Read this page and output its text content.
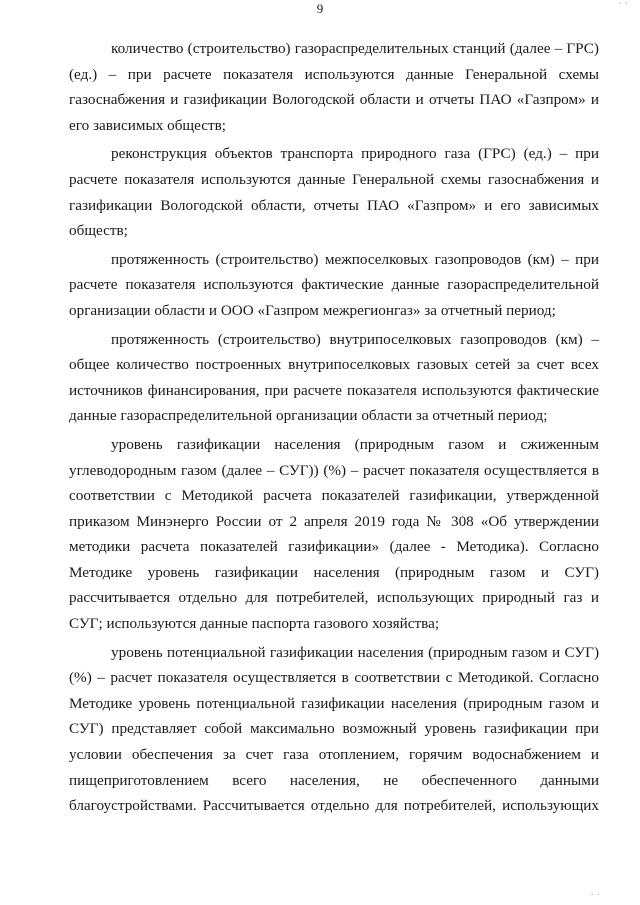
· ·
9

количество (строительство) газораспределительных станций (далее – ГРС) (ед.) – при расчете показателя используются данные Генеральной схемы газоснабжения и газификации Вологодской области и отчеты ПАО «Газпром» и его зависимых обществ;

реконструкция объектов транспорта природного газа (ГРС) (ед.) – при расчете показателя используются данные Генеральной схемы газоснабжения и газификации Вологодской области, отчеты ПАО «Газпром» и его зависимых обществ;

протяженность (строительство) межпоселковых газопроводов (км) – при расчете показателя используются фактические данные газораспределительной организации области и ООО «Газпром межрегионгаз» за отчетный период;

протяженность (строительство) внутрипоселковых газопроводов (км) – общее количество построенных внутрипоселковых газовых сетей за счет всех источников финансирования, при расчете показателя используются фактические данные газораспределительной организации области за отчетный период;

уровень газификации населения (природным газом и сжиженным углеводородным газом (далее – СУГ)) (%) – расчет показателя осуществляется в соответствии с Методикой расчета показателей газификации, утвержденной приказом Минэнерго России от 2 апреля 2019 года № 308 «Об утверждении методики расчета показателей газификации» (далее - Методика). Согласно Методике уровень газификации населения (природным газом и СУГ) рассчитывается отдельно для потребителей, использующих природный газ и СУГ; используются данные паспорта газового хозяйства;

уровень потенциальной газификации населения (природным газом и СУГ) (%) – расчет показателя осуществляется в соответствии с Методикой. Согласно Методике уровень потенциальной газификации населения (природным газом и СУГ) представляет собой максимально возможный уровень газификации при условии обеспечения за счет газа отоплением, горячим водоснабжением и пищеприготовлением всего населения, не обеспеченного данными благоустройствами. Рассчитывается отдельно для потребителей, использующих

· ·
